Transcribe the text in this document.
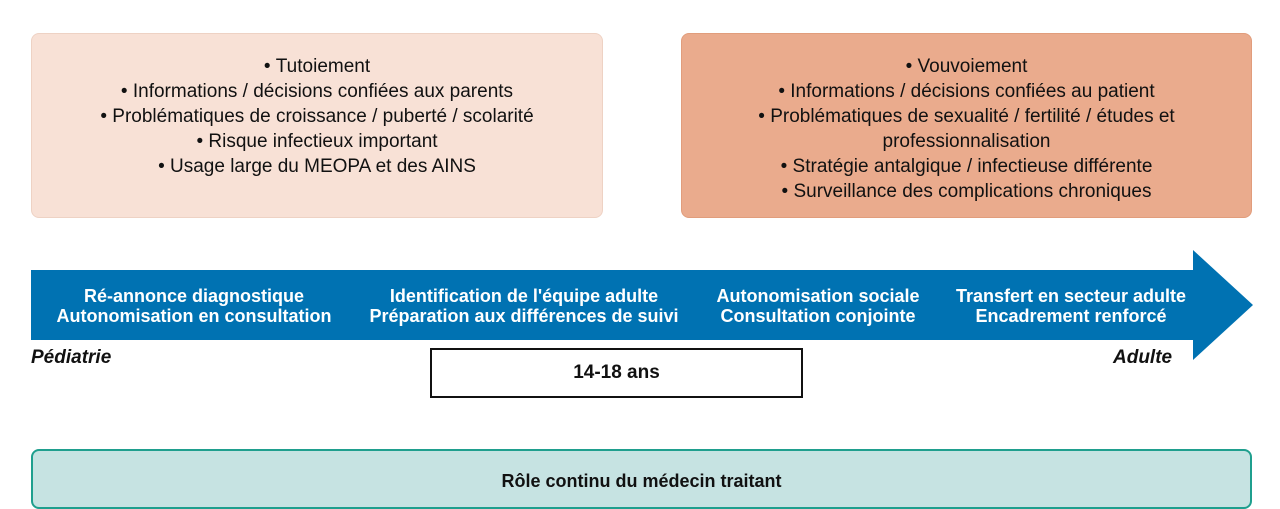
• Tutoiement
• Informations / décisions confiées aux parents
• Problématiques de croissance / puberté / scolarité
• Risque infectieux important
• Usage large du MEOPA et des AINS
• Vouvoiement
• Informations / décisions confiées au patient
• Problématiques de sexualité / fertilité / études et professionnalisation
• Stratégie antalgique / infectieuse différente
• Surveillance des complications chroniques
Ré-annonce diagnostique
Autonomisation en consultation
Identification de l'équipe adulte
Préparation aux différences de suivi
Autonomisation sociale
Consultation conjointe
Transfert en secteur adulte
Encadrement renforcé
Pédiatrie	Adulte
14-18 ans
Rôle continu du médecin traitant
